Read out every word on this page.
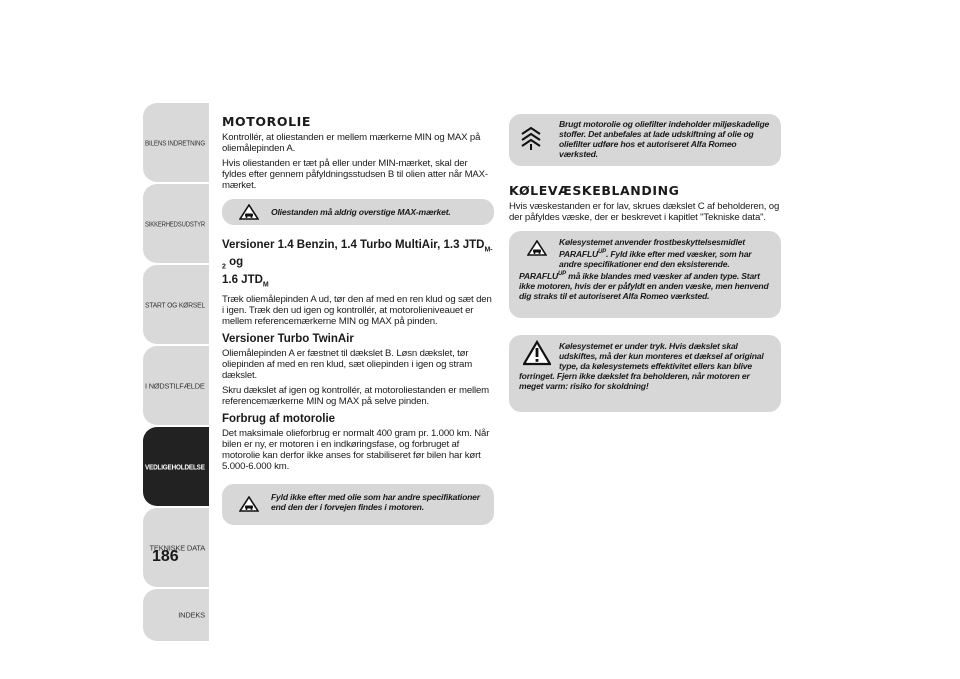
BILENS INDRETNING
SIKKERHEDSUDSTYR
START OG KØRSEL
I NØDSTILFÆLDE
VEDLIGEHOLDELSE
TEKNISKE DATA
INDEKS
186
MOTOROLIE

Kontrollér, at oliestanden er mellem mærkerne MIN og MAX på oliemålepinden A.

Hvis oliestanden er tæt på eller under MIN-mærket, skal der fyldes efter gennem påfyldningsstudsen B til olien atter når MAX-mærket.

Oliestanden må aldrig overstige MAX-mærket.
Versioner 1.4 Benzin, 1.4 Turbo MultiAir, 1.3 $JTD_{M-2}$ og
1.6 $JTD_M$

Træk oliemålepinden A ud, tør den af med en ren klud og sæt den i igen. Træk den ud igen og kontrollér, at motorolieniveauet er mellem referencemærkerne MIN og MAX på pinden.

Versioner Turbo TwinAir

Oliemålepinden A er fæstnet til dækslet B. Løsn dækslet, tør oliepinden af med en ren klud, sæt oliepinden i igen og stram dækslet.

Skru dækslet af igen og kontrollér, at motoroliestanden er mellem referencemærkerne MIN og MAX på selve pinden.

Forbrug af motorolie

Det maksimale olieforbrug er normalt 400 gram pr. 1.000 km. Når bilen er ny, er motoren i en indkøringsfase, og forbruget af motorolie kan derfor ikke anses for stabiliseret før bilen har kørt 5.000-6.000 km.

Fyld ikke efter med olie som har andre specifikationer end den der i forvejen findes i motoren.
Brugt motorolie og oliefilter indeholder miljøskadelige stoffer. Det anbefales at lade udskiftning af olie og oliefilter udføre hos et autoriseret Alfa Romeo værksted.
KØLEVÆSKEBLANDING

Hvis væskestanden er for lav, skrues dækslet C af beholderen, og der påfyldes væske, der er beskrevet i kapitlet "Tekniske data".

Kølesystemet anvender frostbeskyttelsesmidlet $PARAFLU^{UP}$. Fyld ikke efter med væsker, som har andre specifikationer end den eksisterende. $PARAFLU^{UP}$ må ikke blandes med væsker af anden type. Start ikke motoren, hvis der er påfyldt en anden væske, men henvend dig straks til et autoriseret Alfa Romeo værksted.
Kølesystemet er under tryk. Hvis dækslet skal udskiftes, må der kun monteres et dæksel af original type, da kølesystemets effektivitet ellers kan blive forringet. Fjern ikke dækslet fra beholderen, når motoren er meget varm: risiko for skoldning!
